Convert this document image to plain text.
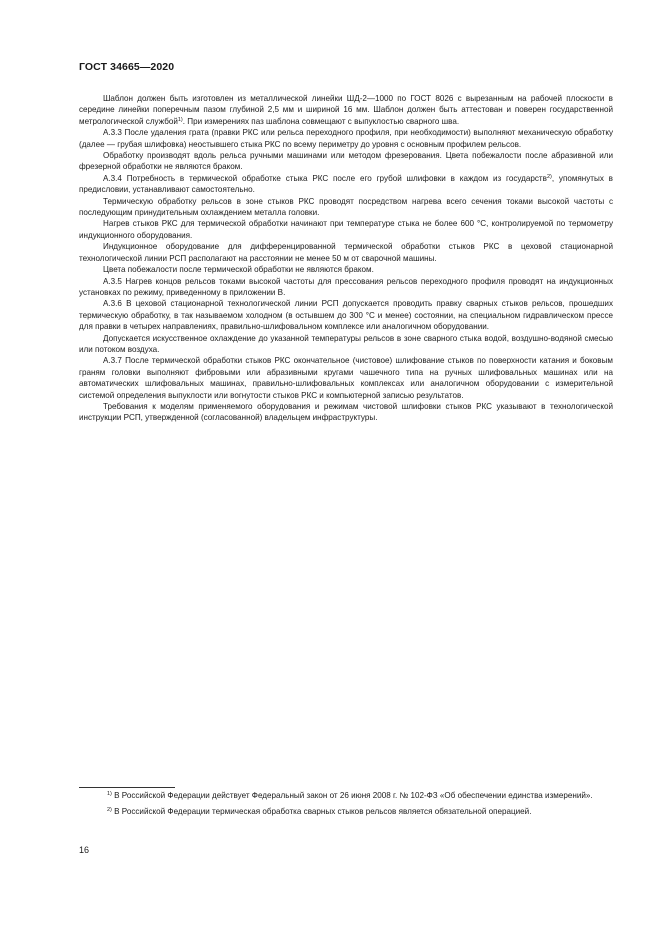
ГОСТ 34665—2020

Шаблон должен быть изготовлен из металлической линейки ШД-2—1000 по ГОСТ 8026 с вырезанным на рабочей плоскости в середине линейки поперечным пазом глубиной 2,5 мм и шириной 16 мм. Шаблон должен быть аттестован и поверен государственной метрологической службой$^{1)}$. При измерениях паз шаблона совмещают с выпуклостью сварного шва.

А.3.3 После удаления грата (правки РКС или рельса переходного профиля, при необходимости) выполняют механическую обработку (далее — грубая шлифовка) неостывшего стыка РКС по всему периметру до уровня с основным профилем рельсов.

Обработку производят вдоль рельса ручными машинами или методом фрезерования. Цвета побежалости после абразивной или фрезерной обработки не являются браком.

А.3.4 Потребность в термической обработке стыка РКС после его грубой шлифовки в каждом из государств$^{2)}$, упомянутых в предисловии, устанавливают самостоятельно.

Термическую обработку рельсов в зоне стыков РКС проводят посредством нагрева всего сечения токами высокой частоты с последующим принудительным охлаждением металла головки.

Нагрев стыков РКС для термической обработки начинают при температуре стыка не более 600 °С, контролируемой по термометру индукционного оборудования.

Индукционное оборудование для дифференцированной термической обработки стыков РКС в цеховой стационарной технологической линии РСП располагают на расстоянии не менее 50 м от сварочной машины.

Цвета побежалости после термической обработки не являются браком.

А.3.5 Нагрев концов рельсов токами высокой частоты для прессования рельсов переходного профиля проводят на индукционных установках по режиму, приведенному в приложении В.

А.3.6 В цеховой стационарной технологической линии РСП допускается проводить правку сварных стыков рельсов, прошедших термическую обработку, в так называемом холодном (в остывшем до 300 °С и менее) состоянии, на специальном гидравлическом прессе для правки в четырех направлениях, правильно-шлифовальном комплексе или аналогичном оборудовании.

Допускается искусственное охлаждение до указанной температуры рельсов в зоне сварного стыка водой, воздушно-водяной смесью или потоком воздуха.

А.3.7 После термической обработки стыков РКС окончательное (чистовое) шлифование стыков по поверхности катания и боковым граням головки выполняют фибровыми или абразивными кругами чашечного типа на ручных шлифовальных машинах или на автоматических шлифовальных машинах, правильно-шлифовальных комплексах или аналогичном оборудовании с измерительной системой определения выпуклости или вогнутости стыков РКС и компьютерной записью результатов.

Требования к моделям применяемого оборудования и режимам чистовой шлифовки стыков РКС указывают в технологической инструкции РСП, утвержденной (согласованной) владельцем инфраструктуры.

$^{1)}$ В Российской Федерации действует Федеральный закон от 26 июня 2008 г. № 102-ФЗ «Об обеспечении единства измерений».

$^{2)}$ В Российской Федерации термическая обработка сварных стыков рельсов является обязательной операцией.

16
